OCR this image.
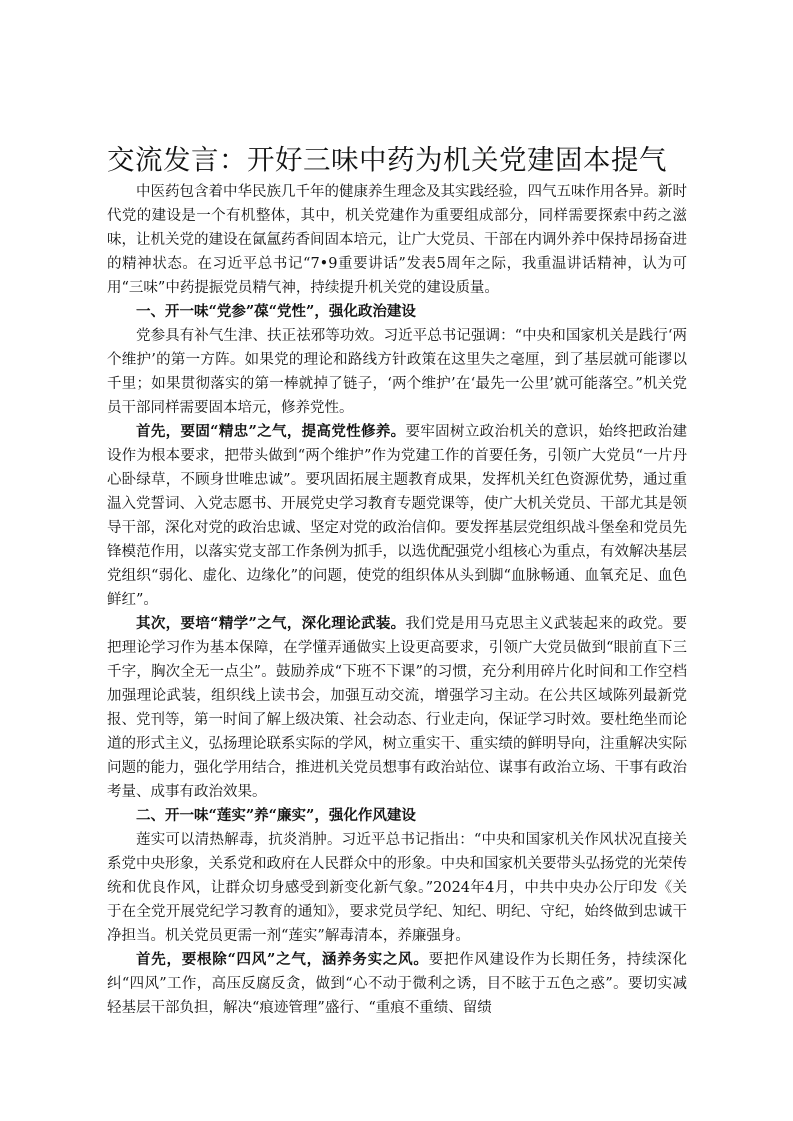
交流发言：开好三味中药为机关党建固本提气

中医药包含着中华民族几千年的健康养生理念及其实践经验，四气五味作用各异。新时代党的建设是一个有机整体，其中，机关党建作为重要组成部分，同样需要探索中药之滋味，让机关党的建设在氤氲药香间固本培元，让广大党员、干部在内调外养中保持昂扬奋进的精神状态。在习近平总书记“7•9重要讲话”发表5周年之际，我重温讲话精神，认为可用“三味”中药提振党员精气神，持续提升机关党的建设质量。

一、开一味“党参”葆“党性”，强化政治建设

党参具有补气生津、扶正祛邪等功效。习近平总书记强调：“中央和国家机关是践行‘两个维护’的第一方阵。如果党的理论和路线方针政策在这里失之毫厘，到了基层就可能谬以千里；如果贯彻落实的第一棒就掉了链子，‘两个维护’在‘最先一公里’就可能落空。”机关党员干部同样需要固本培元，修养党性。

首先，要固“精忠”之气，提高党性修养。要牢固树立政治机关的意识，始终把政治建设作为根本要求，把带头做到“两个维护”作为党建工作的首要任务，引领广大党员“一片丹心卧绿草，不顾身世唯忠诚”。要巩固拓展主题教育成果，发挥机关红色资源优势，通过重温入党誓词、入党志愿书、开展党史学习教育专题党课等，使广大机关党员、干部尤其是领导干部，深化对党的政治忠诚、坚定对党的政治信仰。要发挥基层党组织战斗堡垒和党员先锋模范作用，以落实党支部工作条例为抓手，以选优配强党小组核心为重点，有效解决基层党组织“弱化、虚化、边缘化”的问题，使党的组织体从头到脚“血脉畅通、血氧充足、血色鲜红”。

其次，要培“精学”之气，深化理论武装。我们党是用马克思主义武装起来的政党。要把理论学习作为基本保障，在学懂弄通做实上设更高要求，引领广大党员做到“眼前直下三千字，胸次全无一点尘”。鼓励养成“下班不下课”的习惯，充分利用碎片化时间和工作空档加强理论武装，组织线上读书会，加强互动交流，增强学习主动。在公共区域陈列最新党报、党刊等，第一时间了解上级决策、社会动态、行业走向，保证学习时效。要杜绝坐而论道的形式主义，弘扬理论联系实际的学风，树立重实干、重实绩的鲜明导向，注重解决实际问题的能力，强化学用结合，推进机关党员想事有政治站位、谋事有政治立场、干事有政治考量、成事有政治效果。

二、开一味“莲实”养“廉实”，强化作风建设

莲实可以清热解毒，抗炎消肿。习近平总书记指出：“中央和国家机关作风状况直接关系党中央形象，关系党和政府在人民群众中的形象。中央和国家机关要带头弘扬党的光荣传统和优良作风，让群众切身感受到新变化新气象。”2024年4月，中共中央办公厅印发《关于在全党开展党纪学习教育的通知》，要求党员学纪、知纪、明纪、守纪，始终做到忠诚干净担当。机关党员更需一剂“莲实”解毒清本，养廉强身。

首先，要根除“四风”之气，涵养务实之风。要把作风建设作为长期任务，持续深化纠“四风”工作，高压反腐反贪，做到“心不动于微利之诱，目不眩于五色之惑”。要切实减轻基层干部负担，解决“痕迹管理”盛行、“重痕不重绩、留绩
